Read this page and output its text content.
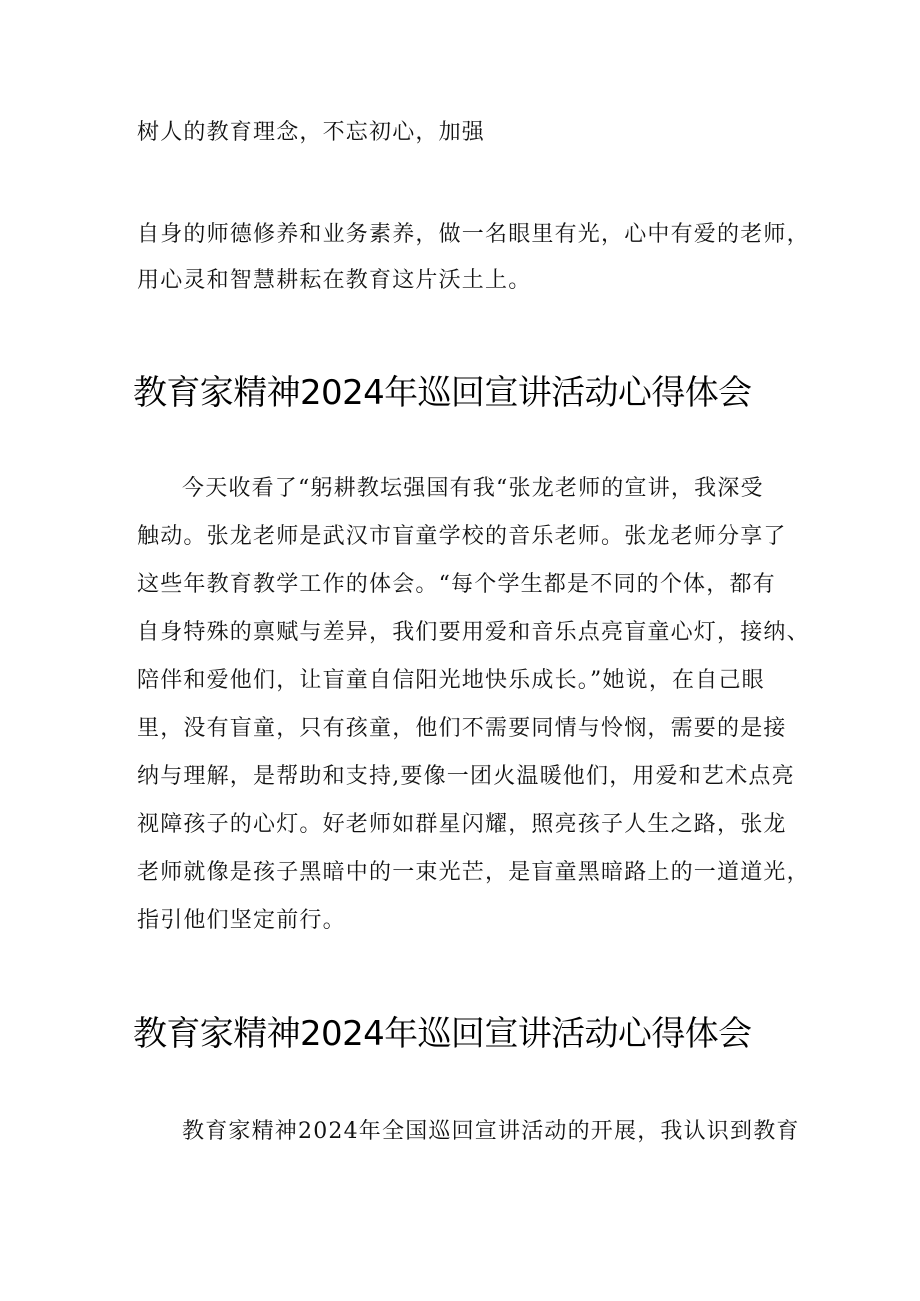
树人的教育理念，不忘初心，加强
自身的师德修养和业务素养，做一名眼里有光，心中有爱的老师，
用心灵和智慧耕耘在教育这片沃土上。
教育家精神2024年巡回宣讲活动心得体会
今天收看了“躬耕教坛强国有我“张龙老师的宣讲，我深受
触动。张龙老师是武汉市盲童学校的音乐老师。张龙老师分享了
这些年教育教学工作的体会。“每个学生都是不同的个体，都有
自身特殊的禀赋与差异，我们要用爱和音乐点亮盲童心灯，接纳、
陪伴和爱他们，让盲童自信阳光地快乐成长。”她说，在自己眼
里，没有盲童，只有孩童，他们不需要同情与怜悯，需要的是接
纳与理解，是帮助和支持,要像一团火温暖他们，用爱和艺术点亮
视障孩子的心灯。好老师如群星闪耀，照亮孩子人生之路，张龙
老师就像是孩子黑暗中的一束光芒，是盲童黑暗路上的一道道光，
指引他们坚定前行。
教育家精神2024年巡回宣讲活动心得体会
教育家精神2024年全国巡回宣讲活动的开展，我认识到教育
